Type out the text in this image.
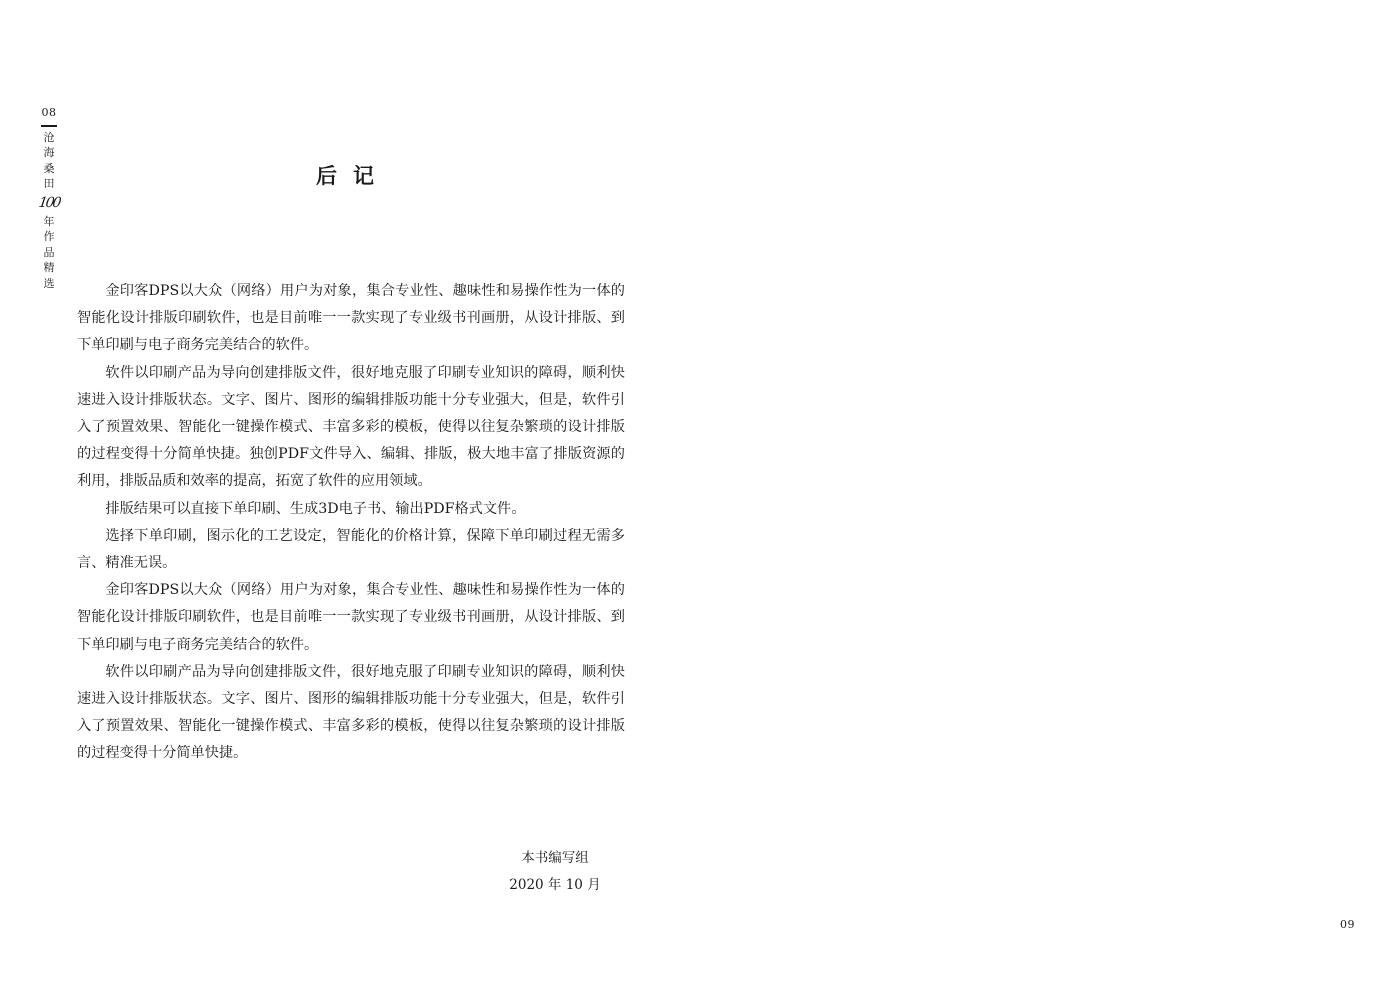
08
沧
海
桑
田
100
年
作
品
精
选
后记

金印客DPS以大众（网络）用户为对象，集合专业性、趣味性和易操作性为一体的智能化设计排版印刷软件，也是目前唯一一款实现了专业级书刊画册，从设计排版、到下单印刷与电子商务完美结合的软件。

软件以印刷产品为导向创建排版文件，很好地克服了印刷专业知识的障碍，顺利快速进入设计排版状态。文字、图片、图形的编辑排版功能十分专业强大，但是，软件引入了预置效果、智能化一键操作模式、丰富多彩的模板，使得以往复杂繁琐的设计排版的过程变得十分简单快捷。独创PDF文件导入、编辑、排版，极大地丰富了排版资源的利用，排版品质和效率的提高，拓宽了软件的应用领域。

排版结果可以直接下单印刷、生成3D电子书、输出PDF格式文件。

选择下单印刷，图示化的工艺设定，智能化的价格计算，保障下单印刷过程无需多言、精准无误。

金印客DPS以大众（网络）用户为对象，集合专业性、趣味性和易操作性为一体的智能化设计排版印刷软件，也是目前唯一一款实现了专业级书刊画册，从设计排版、到下单印刷与电子商务完美结合的软件。

软件以印刷产品为导向创建排版文件，很好地克服了印刷专业知识的障碍，顺利快速进入设计排版状态。文字、图片、图形的编辑排版功能十分专业强大，但是，软件引入了预置效果、智能化一键操作模式、丰富多彩的模板，使得以往复杂繁琐的设计排版的过程变得十分简单快捷。

本书编写组
2020 年 10 月
09
